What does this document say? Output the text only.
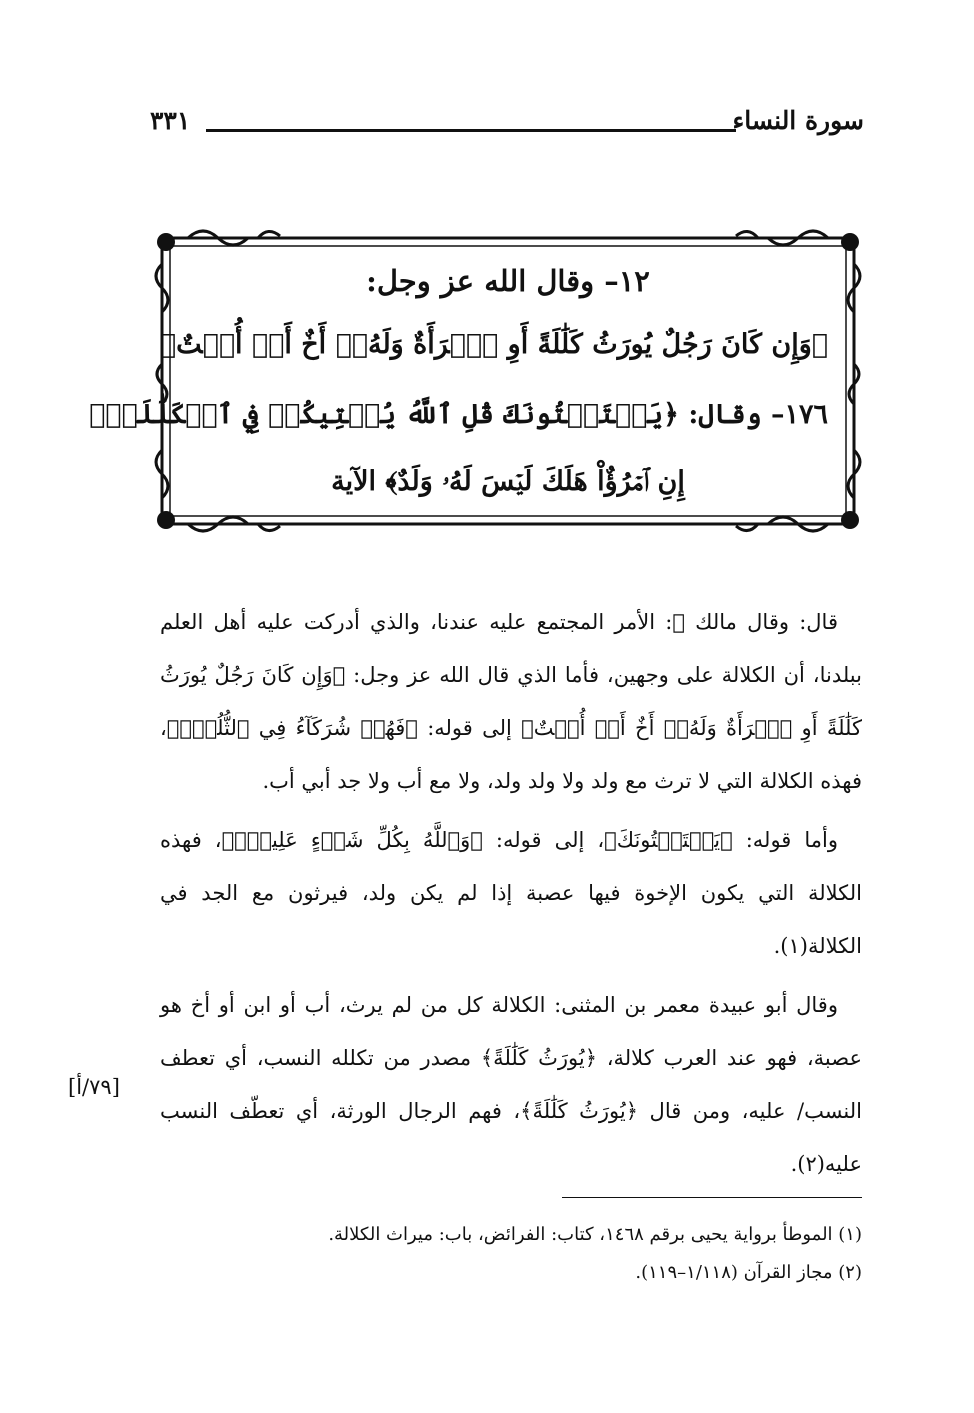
سورة النساء
٣٣١
١٢– وقال الله عز وجل:
﴿وَإِن كَانَ رَجُلٌ يُورَثُ كَلَٰلَةً أَوِ ٱمۡرَأَةٌ وَلَهُۥٓ أَخٌ أَوۡ أُخۡتٌ﴾
١٧٦– وقال: ﴿يَسۡتَفۡتُونَكَ قُلِ ٱللَّهُ يُفۡتِيكُمۡ فِي ٱلۡكَلَٰلَةِۚ
إِنِ ٱمۡرُؤٌاْ هَلَكَ لَيۡسَ لَهُۥ وَلَدٌ﴾ الآية

قال: وقال مالك ﷺ: الأمر المجتمع عليه عندنا، والذي أدركت عليه أهل العلم ببلدنا، أن الكلالة على وجهين، فأما الذي قال الله عز وجل: ﴿وَإِن كَانَ رَجُلٌ يُورَثُ كَلَٰلَةً أَوِ ٱمۡرَأَةٌ وَلَهُۥٓ أَخٌ أَوۡ أُخۡتٌ﴾ إلى قوله: ﴿فَهُمۡ شُرَكَآءُ فِي ٱلثُّلُثِۚ﴾، فهذه الكلالة التي لا ترث مع ولد ولا ولد ولد، ولا مع أب ولا جد أبي أب.

وأما قوله: ﴿يَسۡتَفۡتُونَكَ﴾، إلى قوله: ﴿وَٱللَّهُ بِكُلِّ شَيۡءٍ عَلِيمُۢ﴾، فهذه الكلالة التي يكون الإخوة فيها عصبة إذا لم يكن ولد، فيرثون مع الجد في الكلالة(١).

وقال أبو عبيدة معمر بن المثنى: الكلالة كل من لم يرث، أب أو ابن أو أخ هو عصبة، فهو عند العرب كلالة، ﴿يُورَثُ كَلَٰلَةً﴾ مصدر من تكلله النسب، أي تعطف النسب/ عليه، ومن قال ﴿يُورَثُ كَلَٰلَةً﴾، فهم الرجال الورثة، أي تعطّف النسب عليه(٢).

[٧٩/أ]
(١) الموطأ برواية يحيى برقم ١٤٦٨، كتاب: الفرائض، باب: ميراث الكلالة.
(٢) مجاز القرآن (١/١١٨–١١٩).
